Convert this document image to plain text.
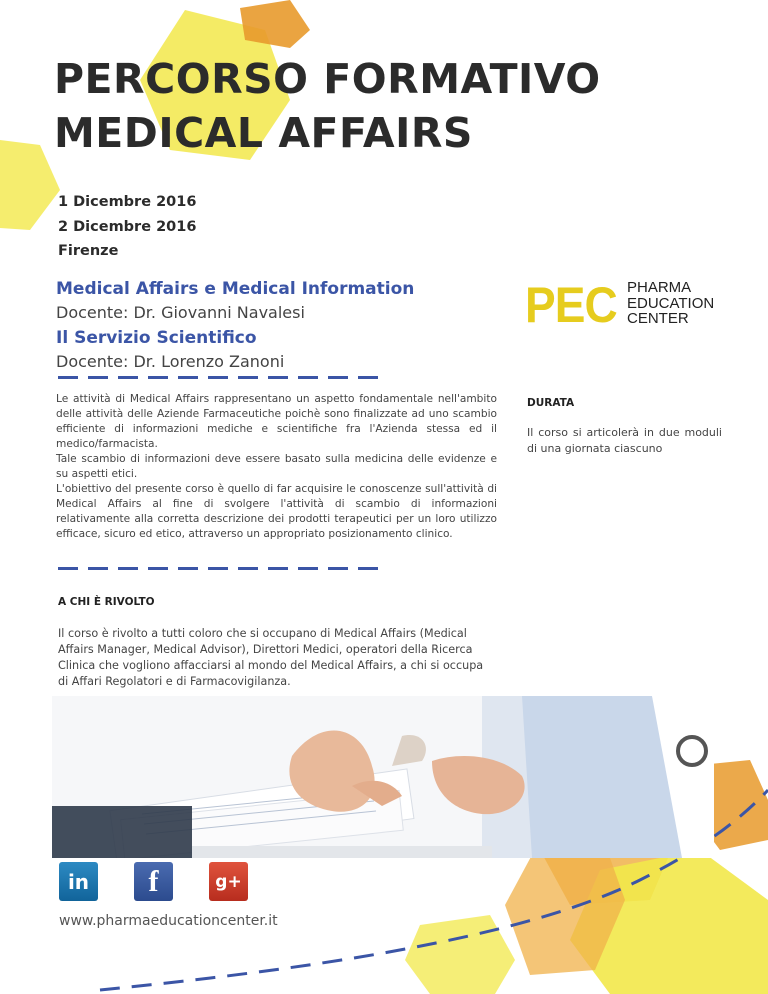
PERCORSO FORMATIVO
MEDICAL AFFAIRS
1 Dicembre 2016
2 Dicembre 2016
Firenze
Medical Affairs e Medical Information
Docente: Dr. Giovanni Navalesi
Il Servizio Scientifico
Docente: Dr. Lorenzo Zanoni

Le attività di Medical Affairs rappresentano un aspetto fondamentale nell'ambito delle attività delle Aziende Farmaceutiche poichè sono finalizzate ad uno scambio efficiente di informazioni mediche e scientifiche fra l'Azienda stessa ed il medico/farmacista.

Tale scambio di informazioni deve essere basato sulla medicina delle evidenze e su aspetti etici.

L'obiettivo del presente corso è quello di far acquisire le conoscenze sull'attività di Medical Affairs al fine di svolgere l'attività di scambio di informazioni relativamente alla corretta descrizione dei prodotti terapeutici per un loro utilizzo efficace, sicuro ed etico, attraverso un appropriato posizionamento clinico.

PEC PHARMA
EDUCATION
CENTER
DURATA
Il corso si articolerà in due moduli di una giornata ciascuno
A CHI È RIVOLTO
Il corso è rivolto a tutti coloro che si occupano di Medical Affairs (Medical Affairs Manager, Medical Advisor), Direttori Medici, operatori della Ricerca Clinica che vogliono affacciarsi al mondo del Medical Affairs, a chi si occupa di Affari Regolatori e di Farmacovigilanza.
in	f	g+
www.pharmaeducationcenter.it
